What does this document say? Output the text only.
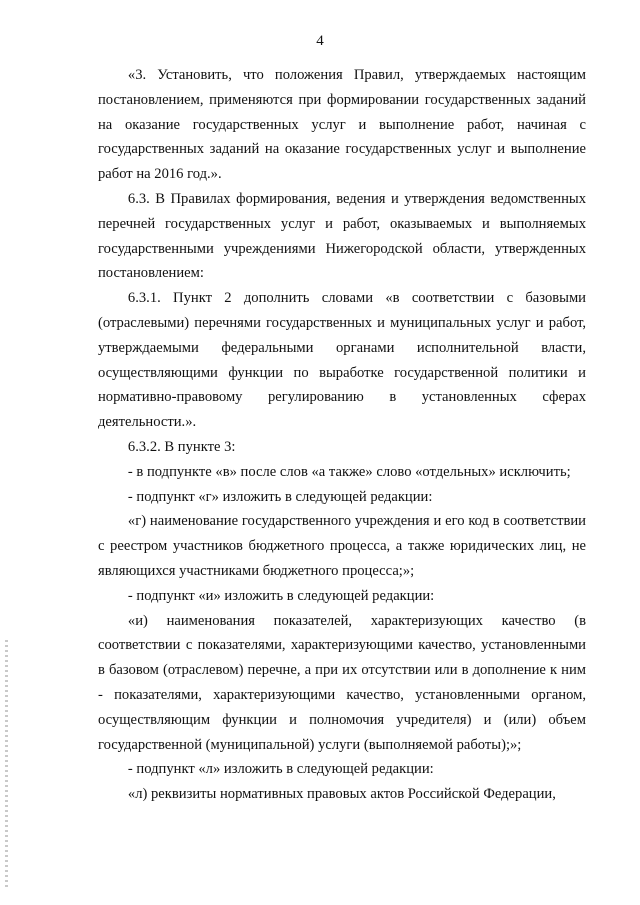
4

«3. Установить, что положения Правил, утверждаемых настоящим постановлением, применяются при формировании государственных заданий на оказание государственных услуг и выполнение работ, начиная с государственных заданий на оказание государственных услуг и выполнение работ на 2016 год.».

6.3. В Правилах формирования, ведения и утверждения ведомственных перечней государственных услуг и работ, оказываемых и выполняемых государственными учреждениями Нижегородской области, утвержденных постановлением:

6.3.1. Пункт 2 дополнить словами «в соответствии с базовыми (отраслевыми) перечнями государственных и муниципальных услуг и работ, утверждаемыми федеральными органами исполнительной власти, осуществляющими функции по выработке государственной политики и нормативно-правовому регулированию в установленных сферах деятельности.».

6.3.2. В пункте 3:

- в подпункте «в» после слов «а также» слово «отдельных» исключить;

- подпункт «г» изложить в следующей редакции:

«г) наименование государственного учреждения и его код в соответствии с реестром участников бюджетного процесса, а также юридических лиц, не являющихся участниками бюджетного процесса;»;

- подпункт «и» изложить в следующей редакции:

«и) наименования показателей, характеризующих качество (в соответствии с показателями, характеризующими качество, установленными в базовом (отраслевом) перечне, а при их отсутствии или в дополнение к ним - показателями, характеризующими качество, установленными органом, осуществляющим функции и полномочия учредителя) и (или) объем государственной (муниципальной) услуги (выполняемой работы);»;

- подпункт «л» изложить в следующей редакции:

«л) реквизиты нормативных правовых актов Российской Федерации,
